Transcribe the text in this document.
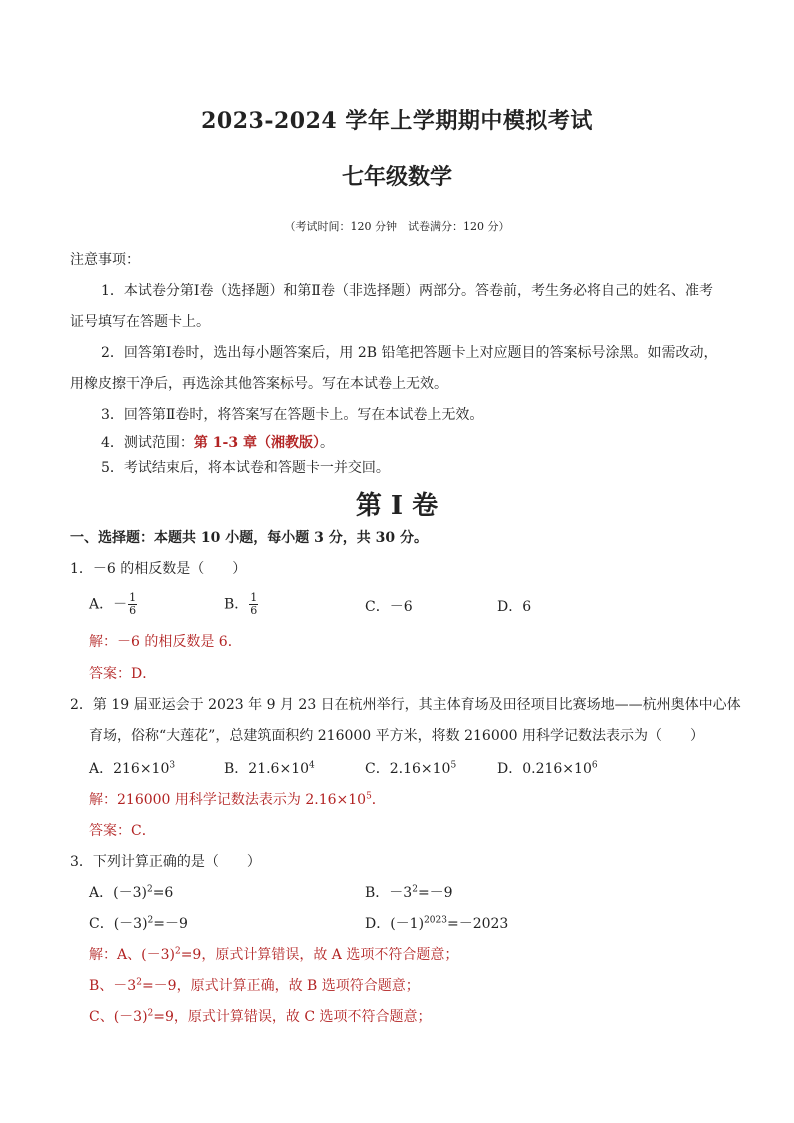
2023-2024 学年上学期期中模拟考试
七年级数学
（考试时间：120 分钟　试卷满分：120 分）
注意事项：
1．本试卷分第Ⅰ卷（选择题）和第Ⅱ卷（非选择题）两部分。答卷前，考生务必将自己的姓名、准考
证号填写在答题卡上。
2．回答第Ⅰ卷时，选出每小题答案后，用 2B 铅笔把答题卡上对应题目的答案标号涂黑。如需改动，
用橡皮擦干净后，再选涂其他答案标号。写在本试卷上无效。
3．回答第Ⅱ卷时，将答案写在答题卡上。写在本试卷上无效。
4．测试范围：第 1-3 章（湘教版）。
5．考试结束后，将本试卷和答题卡一并交回。
第 I 卷
一、选择题：本题共 10 小题，每小题 3 分，共 30 分。
1．－6 的相反数是（　　）
A．－ $\frac{1}{6}$	B． $\frac{1}{6}$	C．－6	D．6
解：－6 的相反数是 6．
答案：D．
2．第 19 届亚运会于 2023 年 9 月 23 日在杭州举行，其主体育场及田径项目比赛场地——杭州奥体中心体
育场，俗称“大莲花”，总建筑面积约 216000 平方米，将数 216000 用科学记数法表示为（　　）
A．$216\times 10^3$	B．$21.6\times 10^4$	C．$2.16\times 10^5$	D．$0.216\times 10^6$
解：216000 用科学记数法表示为 $2.16\times 10^5$．
答案：C．
3．下列计算正确的是（　　）
A．$(-3)^2=6$	B．$-3^2=-9$
C．$(-3)^2=-9$	D．$(-1)^{2023}=-2023$
解：A、$(-3)^2=9$，原式计算错误，故 A 选项不符合题意；
B、$-3^2=-9$，原式计算正确，故 B 选项符合题意；
C、$(-3)^2=9$，原式计算错误，故 C 选项不符合题意；
